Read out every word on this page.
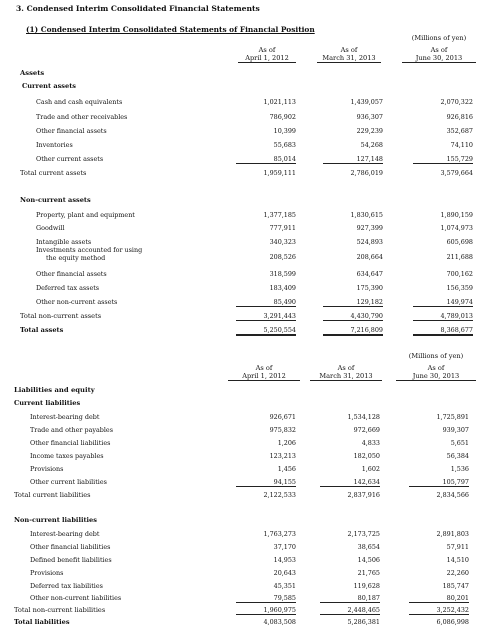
3. Condensed Interim Consolidated Financial Statements
(1) Condensed Interim Consolidated Statements of Financial Position
(Millions of yen)
As of
April 1, 2012
As of
March 31, 2013
As of
June 30, 2013
Assets
Current assets
Cash and cash equivalents	1,021,113	1,439,057	2,070,322
Trade and other receivables	786,902	936,307	926,816
Other financial assets	10,399	229,239	352,687
Inventories	55,683	54,268	74,110
Other current assets	85,014	127,148	155,729
Total current assets	1,959,111	2,786,019	3,579,664
Non-current assets
Property, plant and equipment	1,377,185	1,830,615	1,890,159
Goodwill	777,911	927,399	1,074,973
Intangible assets	340,323	524,893	605,698
Investments accounted for using
the equity method	208,526	208,664	211,688
Other financial assets	318,599	634,647	700,162
Deferred tax assets	183,409	175,390	156,359
Other non-current assets	85,490	129,182	149,974
Total non-current assets	3,291,443	4,430,790	4,789,013
Total assets	5,250,554	7,216,809	8,368,677
(Millions of yen)
As of
April 1, 2012
As of
March 31, 2013
As of
June 30, 2013
Liabilities and equity
Current liabilities
Interest-bearing debt	926,671	1,534,128	1,725,891
Trade and other payables	975,832	972,669	939,307
Other financial liabilities	1,206	4,833	5,651
Income taxes payables	123,213	182,050	56,384
Provisions	1,456	1,602	1,536
Other current liabilities	94,155	142,634	105,797
Total current liabilities	2,122,533	2,837,916	2,834,566
Non-current liabilities
Interest-bearing debt	1,763,273	2,173,725	2,891,803
Other financial liabilities	37,170	38,654	57,911
Defined benefit liabilities	14,953	14,506	14,510
Provisions	20,643	21,765	22,260
Deferred tax liabilities	45,351	119,628	185,747
Other non-current liabilities	79,585	80,187	80,201
Total non-current liabilities	1,960,975	2,448,465	3,252,432
Total liabilities	4,083,508	5,286,381	6,086,998
